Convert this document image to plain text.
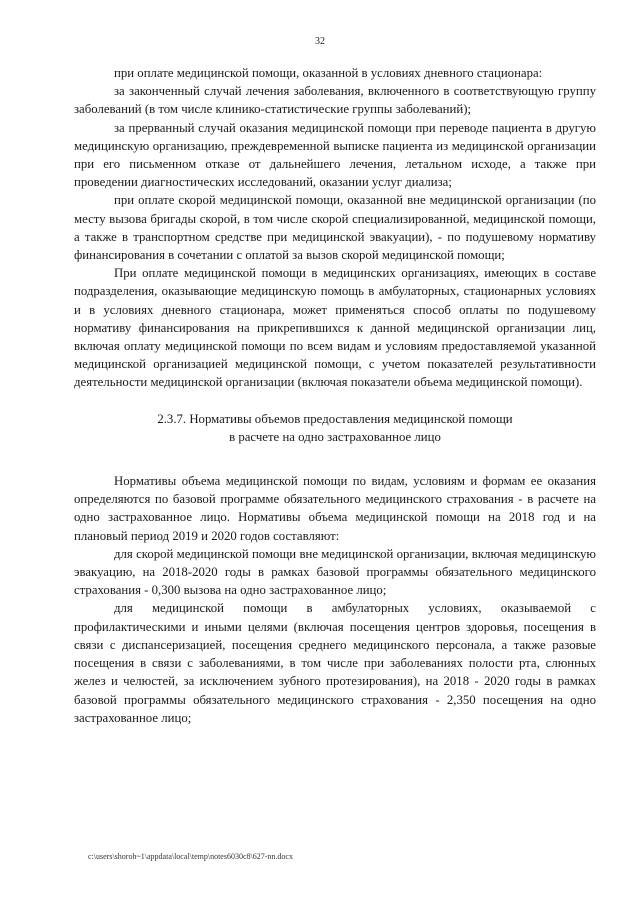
32

при оплате медицинской помощи, оказанной в условиях дневного стационара:

за законченный случай лечения заболевания, включенного в соответствующую группу заболеваний (в том числе клинико-статистические группы заболеваний);

за прерванный случай оказания медицинской помощи при переводе пациента в другую медицинскую организацию, преждевременной выписке пациента из медицинской организации при его письменном отказе от дальнейшего лечения, летальном исходе, а также при проведении диагностических исследований, оказании услуг диализа;

при оплате скорой медицинской помощи, оказанной вне медицинской организации (по месту вызова бригады скорой, в том числе скорой специализированной, медицинской помощи, а также в транспортном средстве при медицинской эвакуации), - по подушевому нормативу финансирования в сочетании с оплатой за вызов скорой медицинской помощи;

При оплате медицинской помощи в медицинских организациях, имеющих в составе подразделения, оказывающие медицинскую помощь в амбулаторных, стационарных условиях и в условиях дневного стационара, может применяться способ оплаты по подушевому нормативу финансирования на прикрепившихся к данной медицинской организации лиц, включая оплату медицинской помощи по всем видам и условиям предоставляемой указанной медицинской организацией медицинской помощи, с учетом показателей результативности деятельности медицинской организации (включая показатели объема медицинской помощи).

2.3.7. Нормативы объемов предоставления медицинской помощи
в расчете на одно застрахованное лицо

Нормативы объема медицинской помощи по видам, условиям и формам ее оказания определяются по базовой программе обязательного медицинского страхования - в расчете на одно застрахованное лицо. Нормативы объема медицинской помощи на 2018 год и на плановый период 2019 и 2020 годов составляют:

для скорой медицинской помощи вне медицинской организации, включая медицинскую эвакуацию, на 2018-2020 годы в рамках базовой программы обязательного медицинского страхования - 0,300 вызова на одно застрахованное лицо;

для медицинской помощи в амбулаторных условиях, оказываемой с профилактическими и иными целями (включая посещения центров здоровья, посещения в связи с диспансеризацией, посещения среднего медицинского персонала, а также разовые посещения в связи с заболеваниями, в том числе при заболеваниях полости рта, слюнных желез и челюстей, за исключением зубного протезирования), на 2018 - 2020 годы в рамках базовой программы обязательного медицинского страхования - 2,350 посещения на одно застрахованное лицо;

c:\users\shoroh~1\appdata\local\temp\notes6030c8\627-nn.docx
